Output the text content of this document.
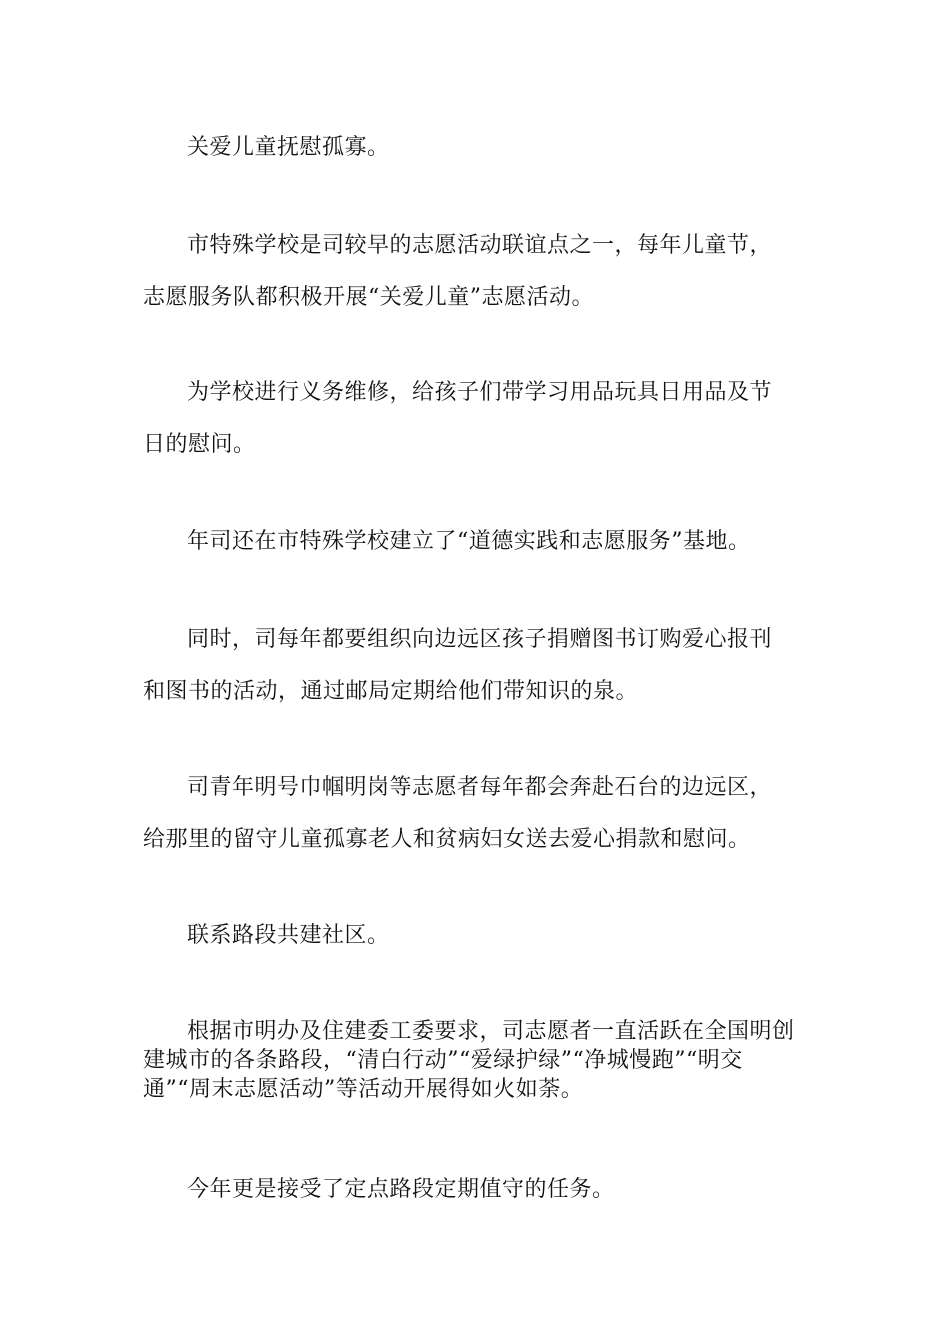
关爱儿童抚慰孤寡。

市特殊学校是司较早的志愿活动联谊点之一，每年儿童节，志愿服务队都积极开展“关爱儿童”志愿活动。

为学校进行义务维修，给孩子们带学习用品玩具日用品及节日的慰问。

年司还在市特殊学校建立了“道德实践和志愿服务”基地。

同时，司每年都要组织向边远区孩子捐赠图书订购爱心报刊和图书的活动，通过邮局定期给他们带知识的泉。

司青年明号巾帼明岗等志愿者每年都会奔赴石台的边远区，给那里的留守儿童孤寡老人和贫病妇女送去爱心捐款和慰问。

联系路段共建社区。

根据市明办及住建委工委要求，司志愿者一直活跃在全国明创建城市的各条路段，“清白行动”“爱绿护绿”“净城慢跑”“明交通”“周末志愿活动”等活动开展得如火如荼。

今年更是接受了定点路段定期值守的任务。
